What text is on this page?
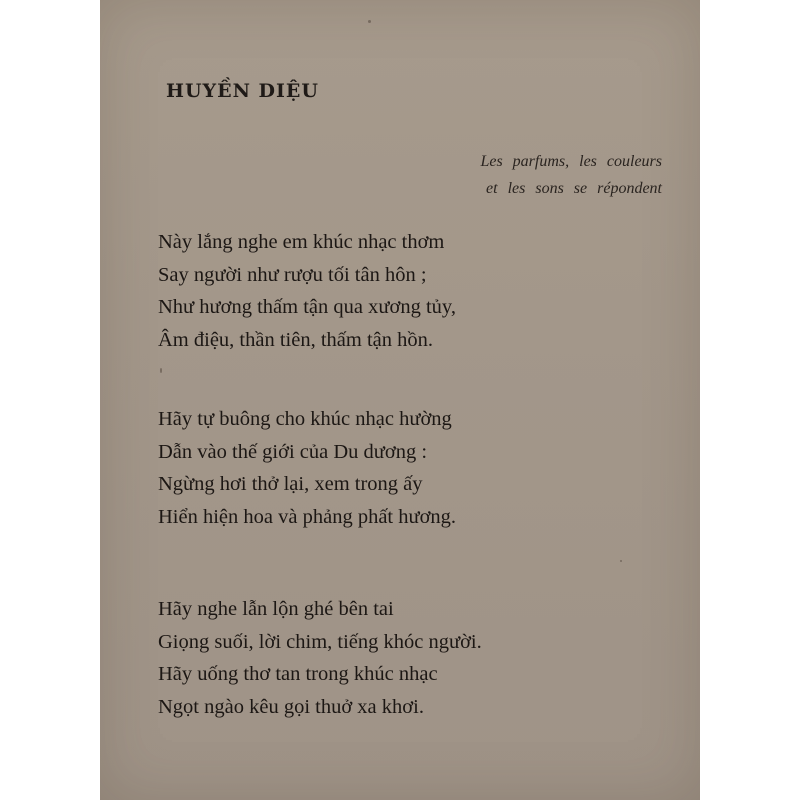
HUYỀN DIỆU
Les parfums, les couleurs
et les sons se répondent
Này lắng nghe em khúc nhạc thơm
Say người như rượu tối tân hôn ;
Như hương thấm tận qua xương tủy,
Âm điệu, thần tiên, thấm tận hồn.
Hãy tự buông cho khúc nhạc hường
Dẫn vào thế giới của Du dương :
Ngừng hơi thở lại, xem trong ấy
Hiển hiện hoa và phảng phất hương.
Hãy nghe lẫn lộn ghé bên tai
Giọng suối, lời chim, tiếng khóc người.
Hãy uống thơ tan trong khúc nhạc
Ngọt ngào kêu gọi thuở xa khơi.
